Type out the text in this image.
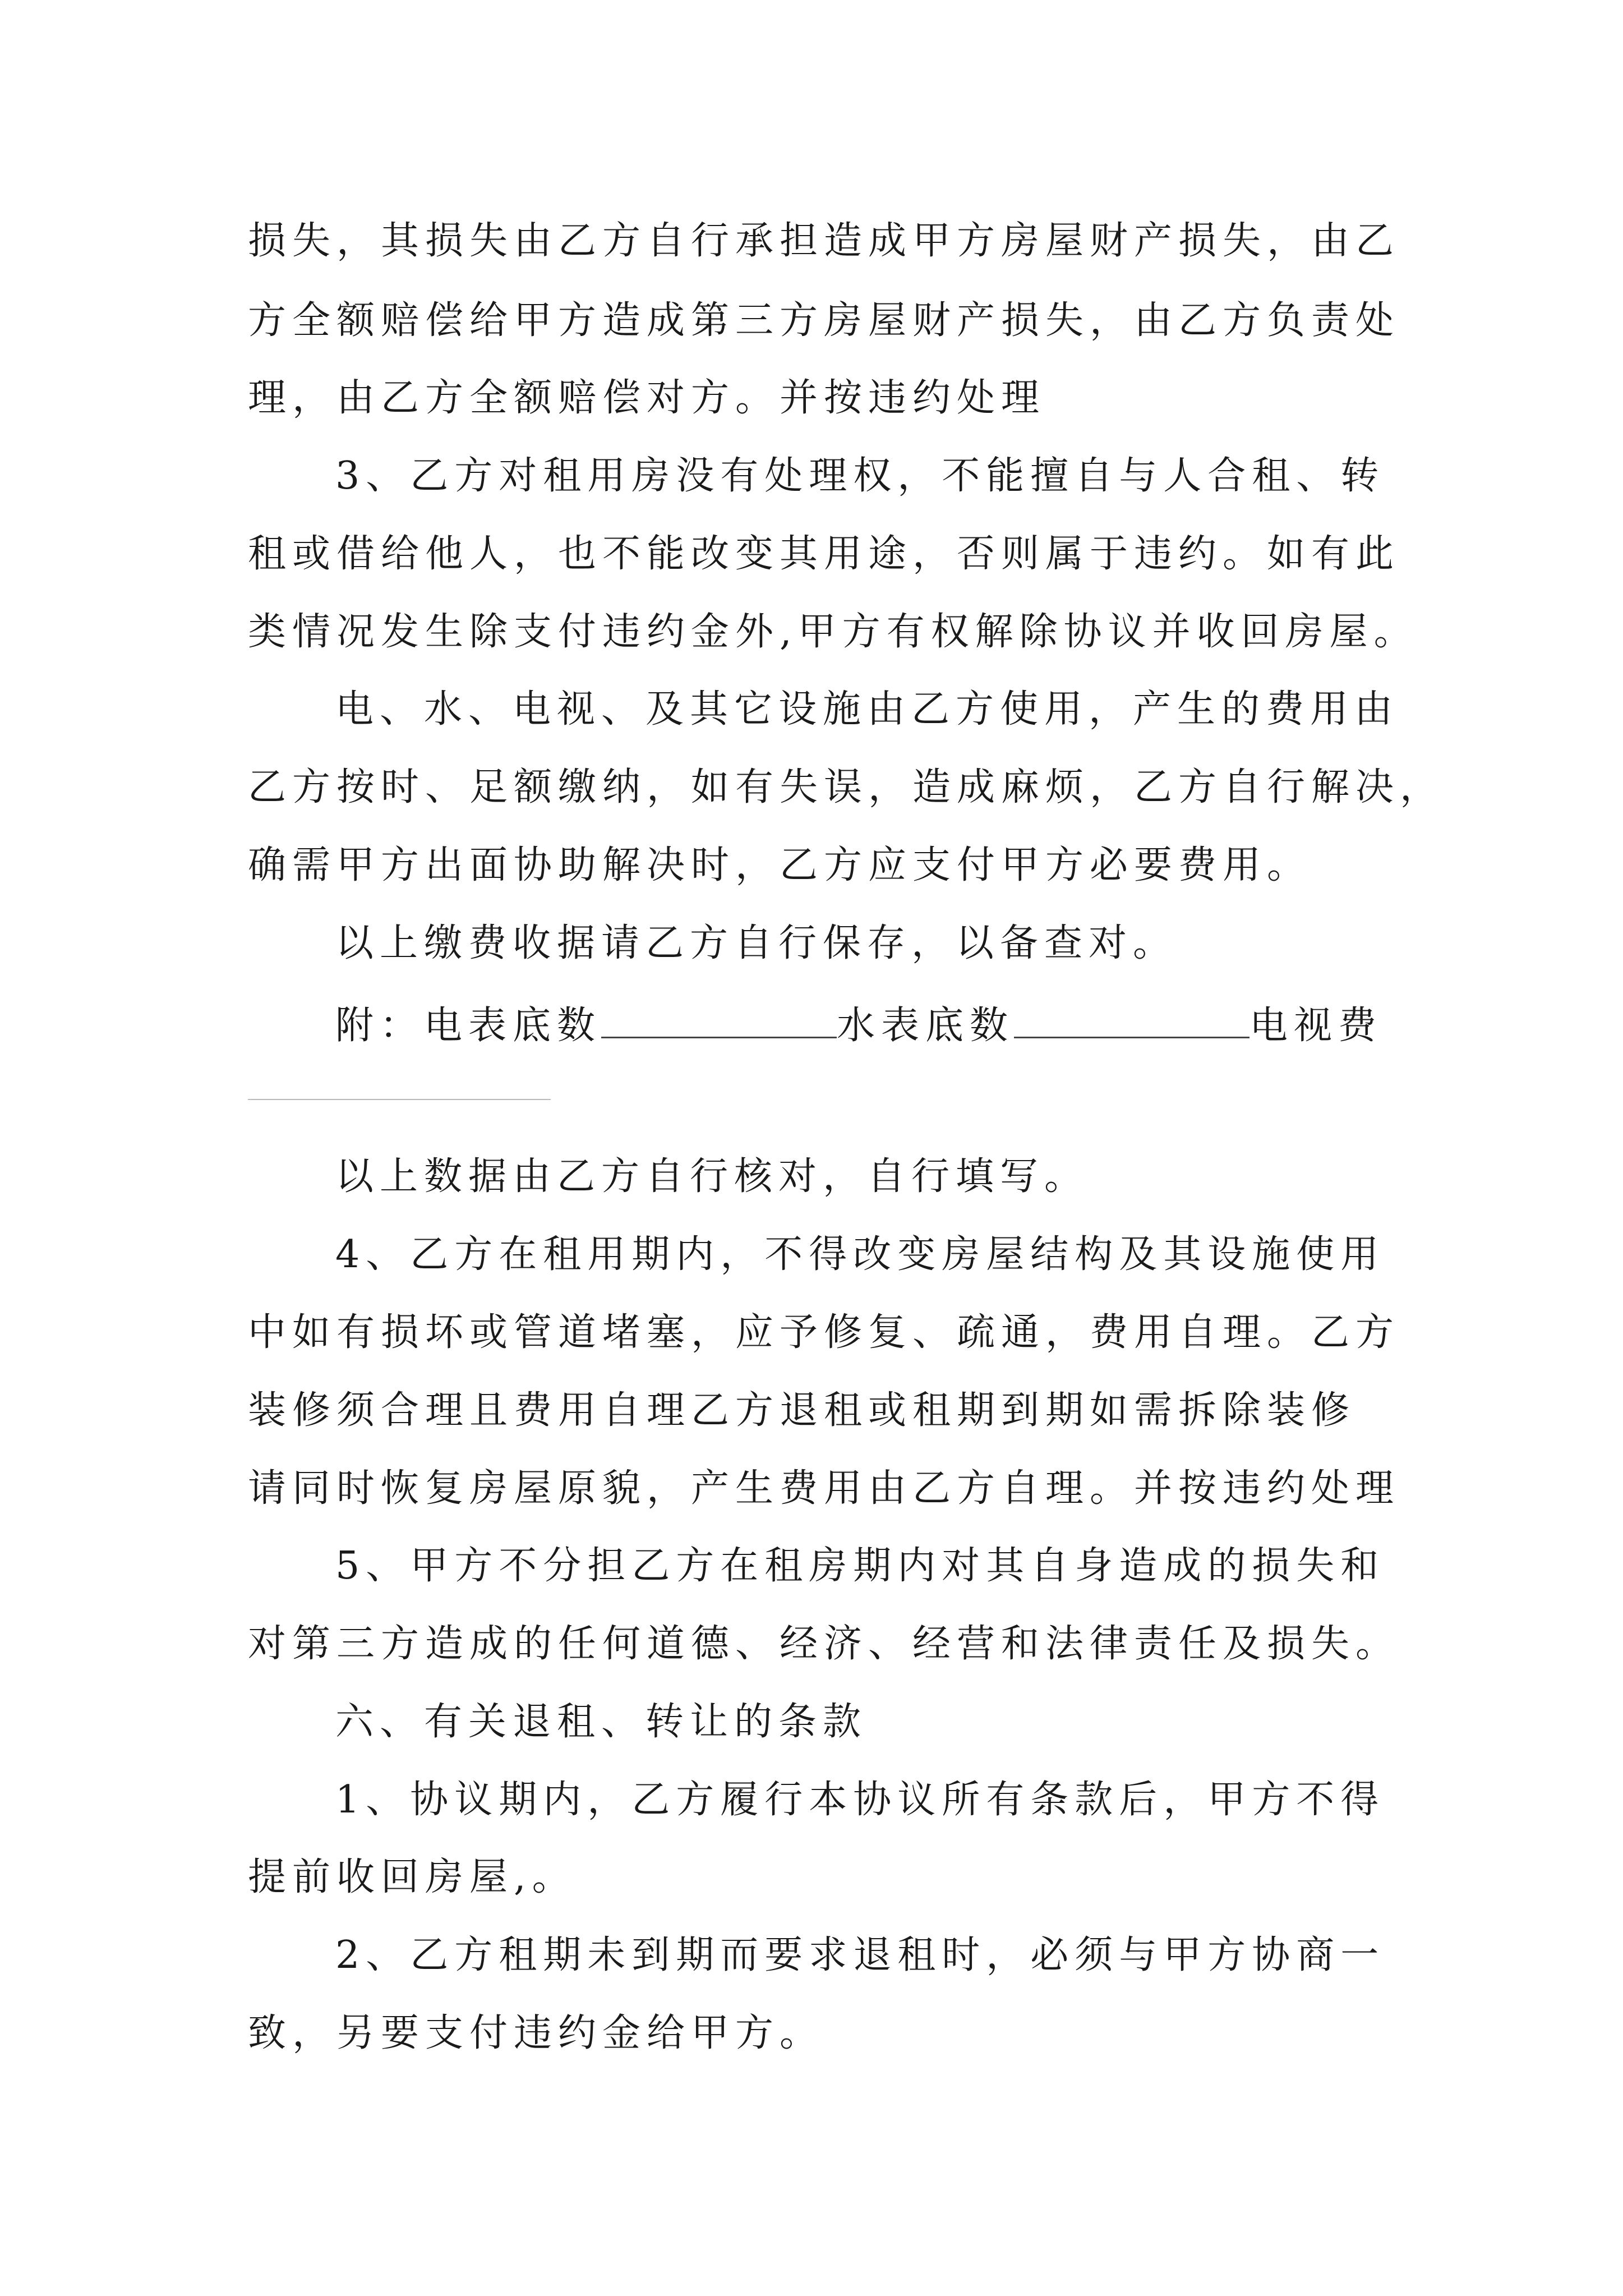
损失，其损失由乙方自行承担造成甲方房屋财产损失，由乙
方全额赔偿给甲方造成第三方房屋财产损失，由乙方负责处
理，由乙方全额赔偿对方。并按违约处理
3、乙方对租用房没有处理权，不能擅自与人合租、转
租或借给他人，也不能改变其用途，否则属于违约。如有此
类情况发生除支付违约金外,甲方有权解除协议并收回房屋。
电、水、电视、及其它设施由乙方使用，产生的费用由
乙方按时、足额缴纳，如有失误，造成麻烦，乙方自行解决，
确需甲方出面协助解决时，乙方应支付甲方必要费用。
以上缴费收据请乙方自行保存，以备查对。
附：电表底数	水表底数	电视费
以上数据由乙方自行核对，自行填写。
4、乙方在租用期内，不得改变房屋结构及其设施使用
中如有损坏或管道堵塞，应予修复、疏通，费用自理。乙方
装修须合理且费用自理乙方退租或租期到期如需拆除装修
请同时恢复房屋原貌，产生费用由乙方自理。并按违约处理
5、甲方不分担乙方在租房期内对其自身造成的损失和
对第三方造成的任何道德、经济、经营和法律责任及损失。
六、有关退租、转让的条款
1、协议期内，乙方履行本协议所有条款后，甲方不得
提前收回房屋,。
2、乙方租期未到期而要求退租时，必须与甲方协商一
致，另要支付违约金给甲方。
